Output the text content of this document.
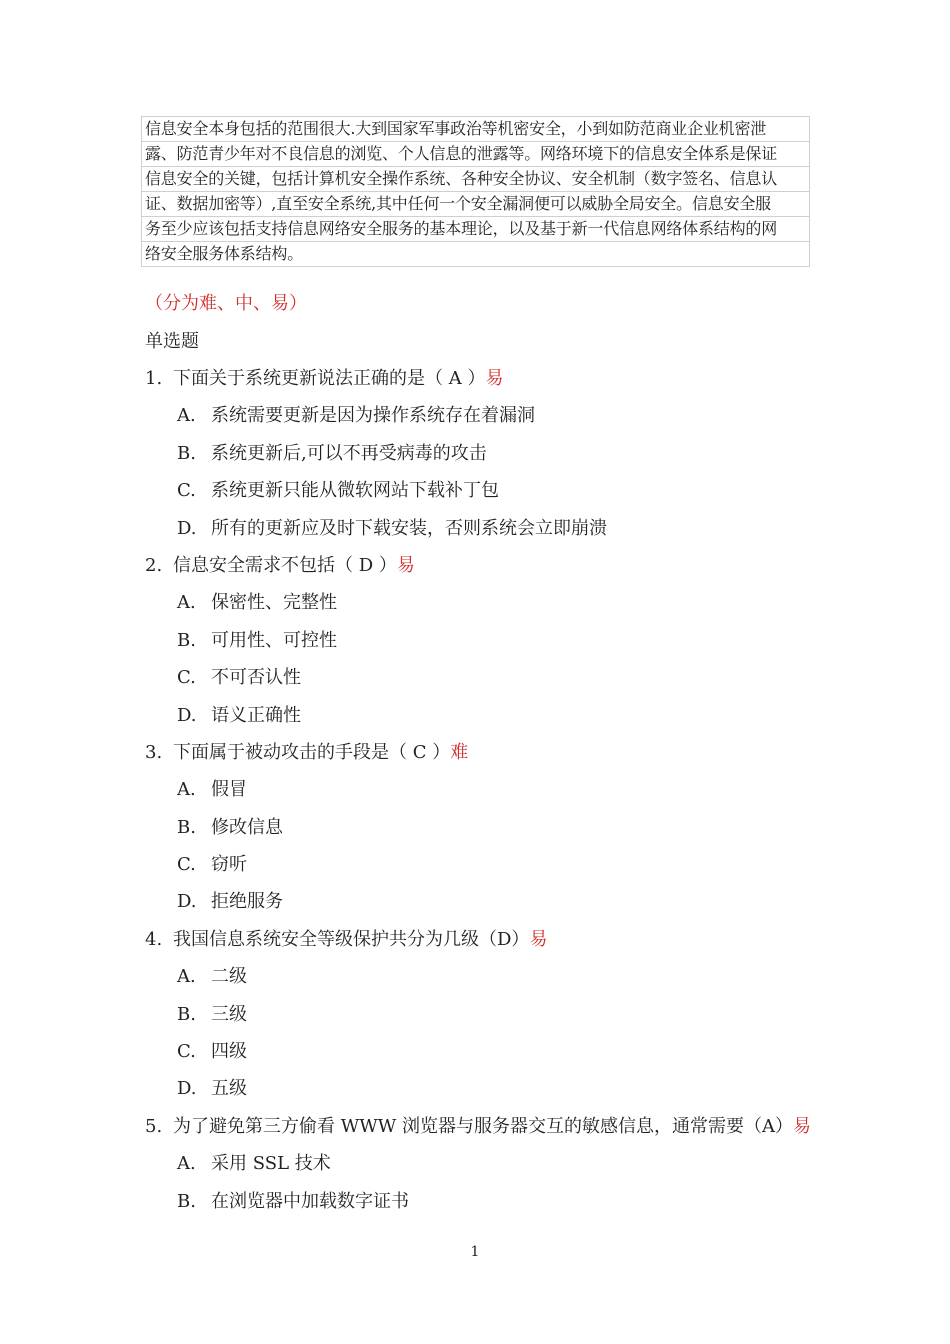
信息安全本身包括的范围很大.大到国家军事政治等机密安全，小到如防范商业企业机密泄
露、防范青少年对不良信息的浏览、个人信息的泄露等。网络环境下的信息安全体系是保证
信息安全的关键，包括计算机安全操作系统、各种安全协议、安全机制（数字签名、信息认
证、数据加密等）,直至安全系统,其中任何一个安全漏洞便可以威胁全局安全。信息安全服
务至少应该包括支持信息网络安全服务的基本理论，以及基于新一代信息网络体系结构的网
络安全服务体系结构。
（分为难、中、易）
单选题
1. 下面关于系统更新说法正确的是（ A ）易
A. 系统需要更新是因为操作系统存在着漏洞
B. 系统更新后,可以不再受病毒的攻击
C. 系统更新只能从微软网站下载补丁包
D. 所有的更新应及时下载安装，否则系统会立即崩溃
2. 信息安全需求不包括（ D ）易
A. 保密性、完整性
B. 可用性、可控性
C. 不可否认性
D. 语义正确性
3. 下面属于被动攻击的手段是（ C ）难
A. 假冒
B. 修改信息
C. 窃听
D. 拒绝服务
4. 我国信息系统安全等级保护共分为几级（D）易
A. 二级
B. 三级
C. 四级
D. 五级
5. 为了避免第三方偷看 WWW 浏览器与服务器交互的敏感信息，通常需要（A）易
A. 采用 SSL 技术
B. 在浏览器中加载数字证书
1
